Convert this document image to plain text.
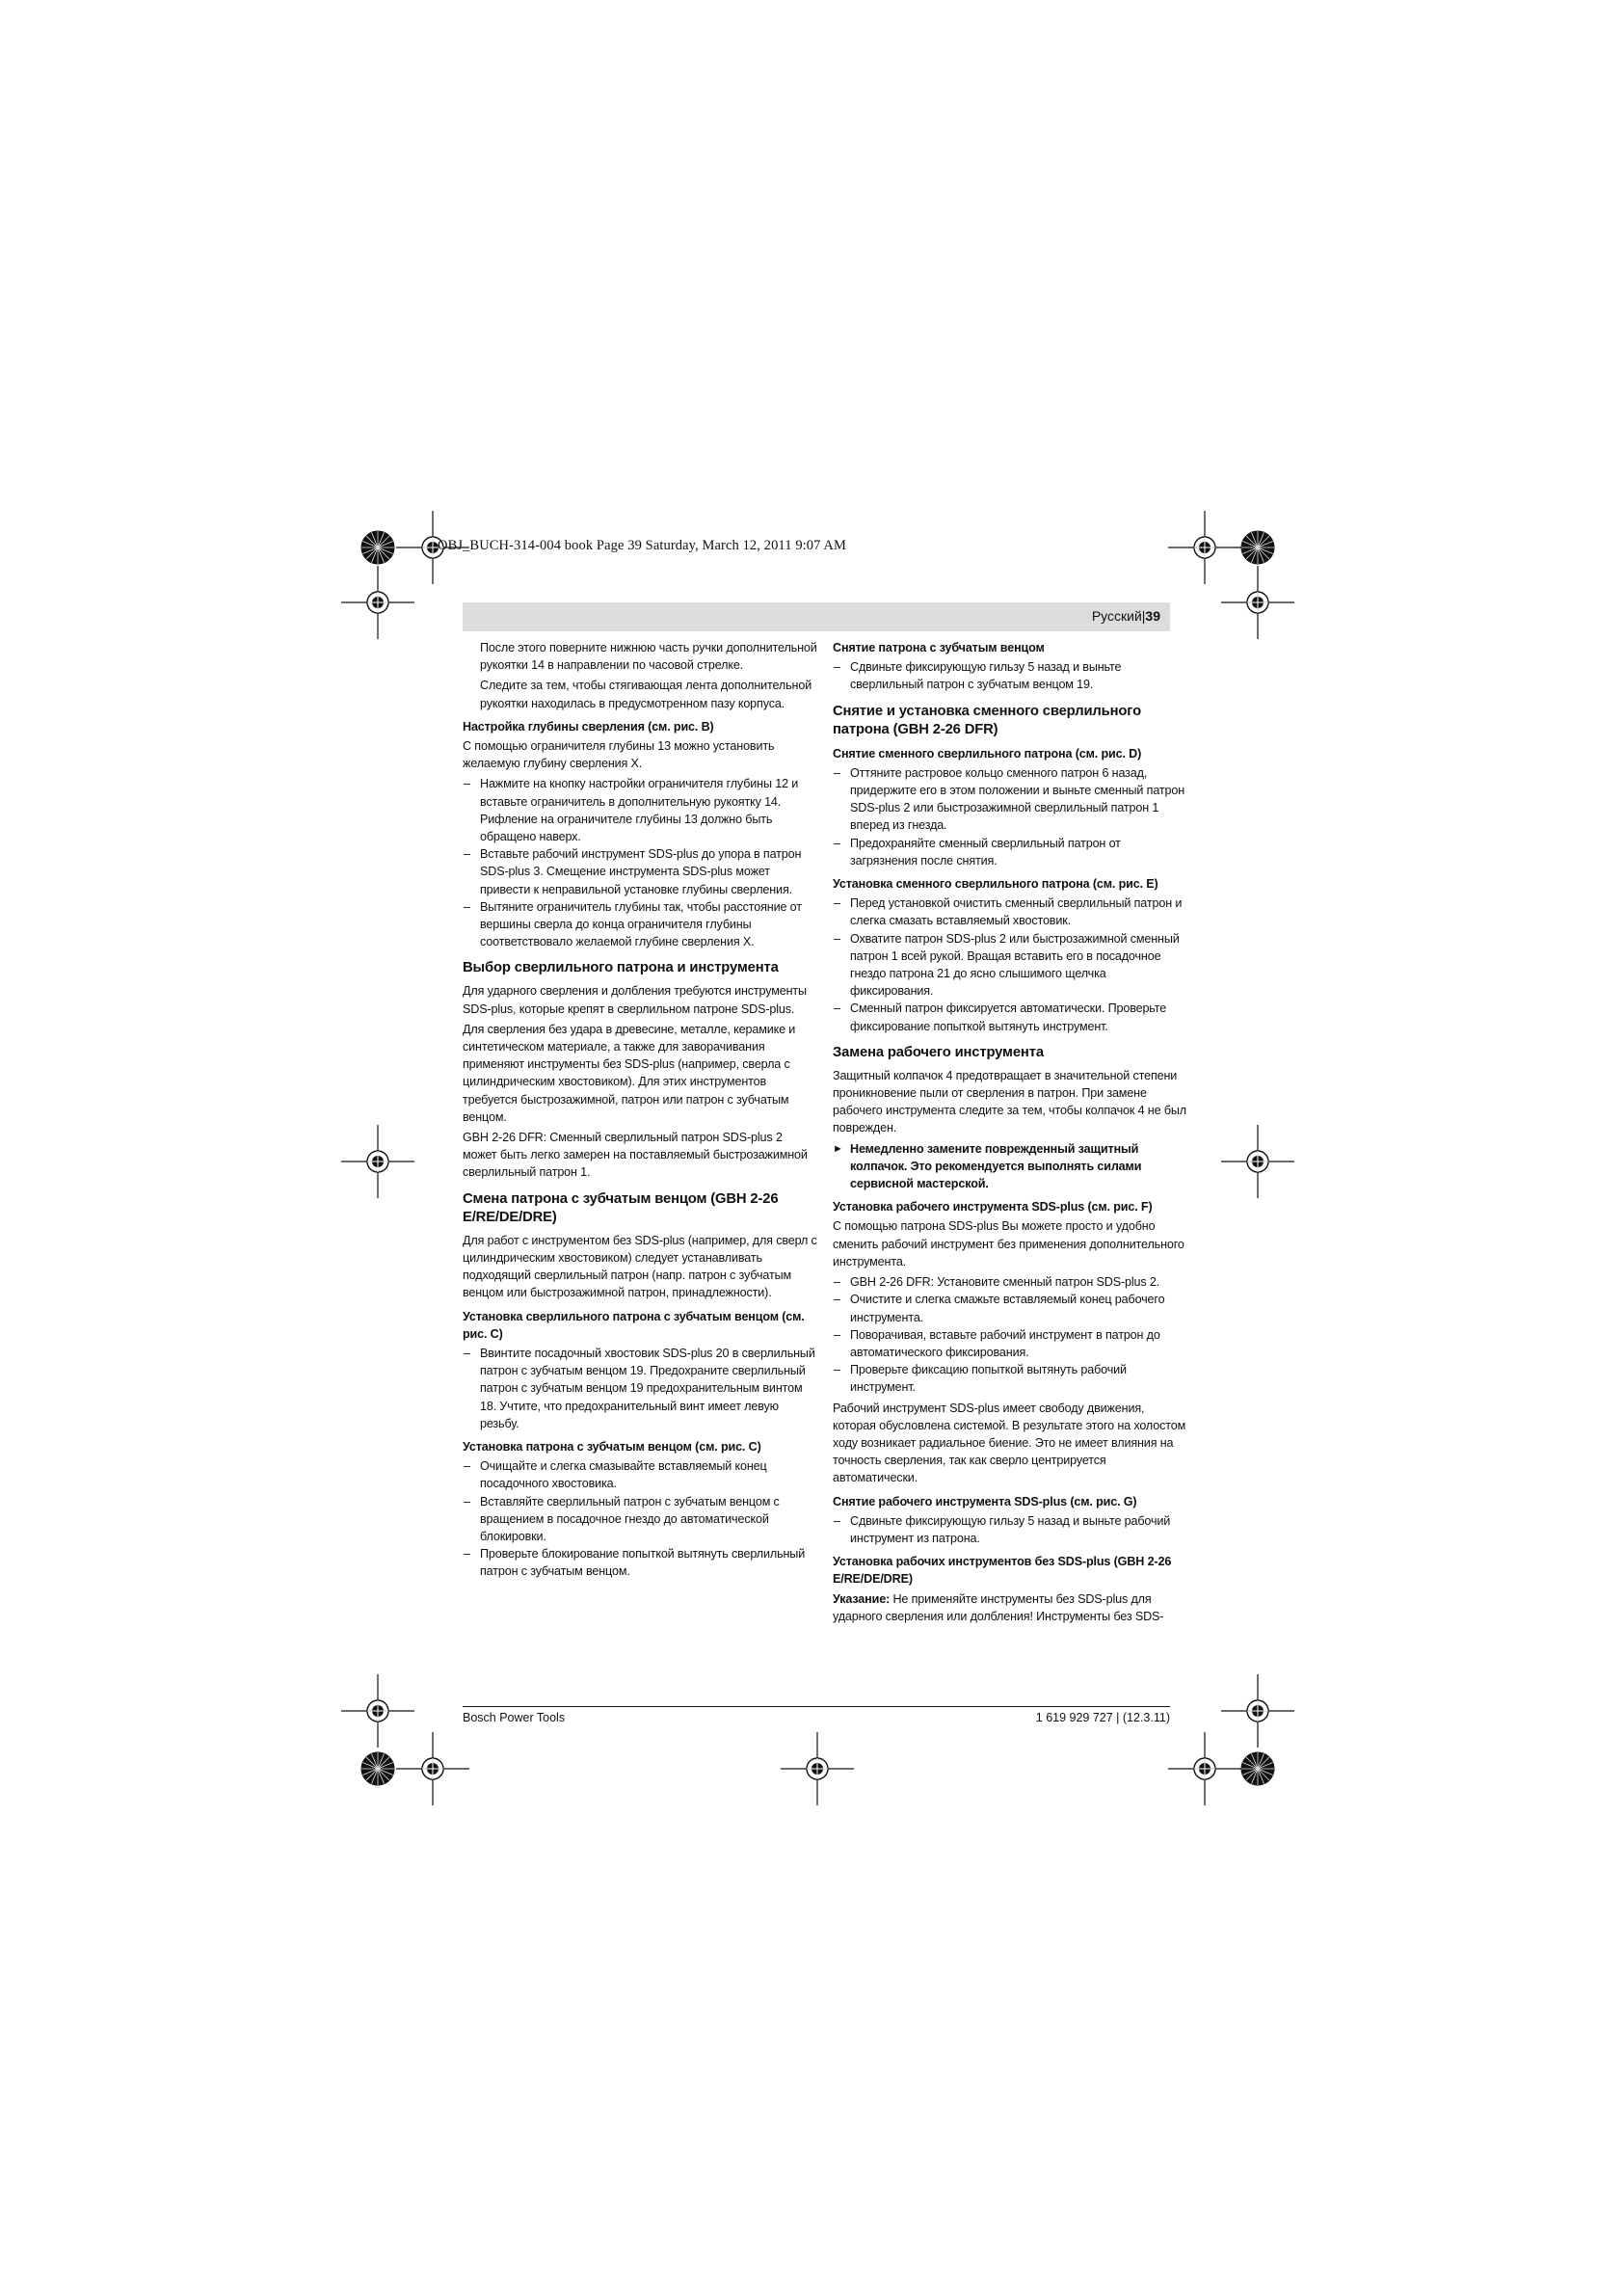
OBJ_BUCH-314-004 book Page 39 Saturday, March 12, 2011 9:07 AM
Русский|39

После этого поверните нижнюю часть ручки дополнительной рукоятки 14 в направлении по часовой стрелке.

Следите за тем, чтобы стягивающая лента дополнительной рукоятки находилась в предусмотренном пазу корпуса.

Настройка глубины сверления (см. рис. B)

С помощью ограничителя глубины 13 можно установить желаемую глубину сверления X.

– Нажмите на кнопку настройки ограничителя глубины 12 и вставьте ограничитель в дополнительную рукоятку 14. Рифление на ограничителе глубины 13 должно быть обращено наверх.
– Вставьте рабочий инструмент SDS-plus до упора в патрон SDS-plus 3. Смещение инструмента SDS-plus может привести к неправильной установке глубины сверления.
– Вытяните ограничитель глубины так, чтобы расстояние от вершины сверла до конца ограничителя глубины соответствовало желаемой глубине сверления X.
Выбор сверлильного патрона и инструмента

Для ударного сверления и долбления требуются инструменты SDS-plus, которые крепят в сверлильном патроне SDS-plus.

Для сверления без удара в древесине, металле, керамике и синтетическом материале, а также для заворачивания применяют инструменты без SDS-plus (например, сверла с цилиндрическим хвостовиком). Для этих инструментов требуется быстрозажимной, патрон или патрон с зубчатым венцом.

GBH 2-26 DFR: Сменный сверлильный патрон SDS-plus 2 может быть легко замерен на поставляемый быстрозажимной сверлильный патрон 1.

Смена патрона с зубчатым венцом (GBH 2-26 E/RE/DE/DRE)

Для работ с инструментом без SDS-plus (например, для сверл с цилиндрическим хвостовиком) следует устанавливать подходящий сверлильный патрон (напр. патрон с зубчатым венцом или быстрозажимной патрон, принадлежности).

Установка сверлильного патрона с зубчатым венцом (см. рис. C)
– Ввинтите посадочный хвостовик SDS-plus 20 в сверлильный патрон с зубчатым венцом 19. Предохраните сверлильный патрон с зубчатым венцом 19 предохранительным винтом 18. Учтите, что предохранительный винт имеет левую резьбу.
Установка патрона с зубчатым венцом (см. рис. C)
– Очищайте и слегка смазывайте вставляемый конец посадочного хвостовика.
– Вставляйте сверлильный патрон с зубчатым венцом с вращением в посадочное гнездо до автоматической блокировки.
– Проверьте блокирование попыткой вытянуть сверлильный патрон с зубчатым венцом.
Снятие патрона с зубчатым венцом
– Сдвиньте фиксирующую гильзу 5 назад и выньте сверлильный патрон с зубчатым венцом 19.
Снятие и установка сменного сверлильного патрона (GBH 2-26 DFR)
Снятие сменного сверлильного патрона (см. рис. D)
– Оттяните растровое кольцо сменного патрон 6 назад, придержите его в этом положении и выньте сменный патрон SDS-plus 2 или быстрозажимной сверлильный патрон 1 вперед из гнезда.
– Предохраняйте сменный сверлильный патрон от загрязнения после снятия.
Установка сменного сверлильного патрона (см. рис. E)
– Перед установкой очистить сменный сверлильный патрон и слегка смазать вставляемый хвостовик.
– Охватите патрон SDS-plus 2 или быстрозажимной сменный патрон 1 всей рукой. Вращая вставить его в посадочное гнездо патрона 21 до ясно слышимого щелчка фиксирования.
– Сменный патрон фиксируется автоматически. Проверьте фиксирование попыткой вытянуть инструмент.
Замена рабочего инструмента

Защитный колпачок 4 предотвращает в значительной степени проникновение пыли от сверления в патрон. При замене рабочего инструмента следите за тем, чтобы колпачок 4 не был поврежден.

► Немедленно замените поврежденный защитный колпачок. Это рекомендуется выполнять силами сервисной мастерской.
Установка рабочего инструмента SDS-plus (см. рис. F)

С помощью патрона SDS-plus Вы можете просто и удобно сменить рабочий инструмент без применения дополнительного инструмента.

– GBH 2-26 DFR: Установите сменный патрон SDS-plus 2.
– Очистите и слегка смажьте вставляемый конец рабочего инструмента.
– Поворачивая, вставьте рабочий инструмент в патрон до автоматического фиксирования.
– Проверьте фиксацию попыткой вытянуть рабочий инструмент.

Рабочий инструмент SDS-plus имеет свободу движения, которая обусловлена системой. В результате этого на холостом ходу возникает радиальное биение. Это не имеет влияния на точность сверления, так как сверло центрируется автоматически.

Снятие рабочего инструмента SDS-plus (см. рис. G)
– Сдвиньте фиксирующую гильзу 5 назад и выньте рабочий инструмент из патрона.
Установка рабочих инструментов без SDS-plus (GBH 2-26 E/RE/DE/DRE)

Указание: Не применяйте инструменты без SDS-plus для ударного сверления или долбления! Инструменты без SDS-

Bosch Power Tools	1 619 929 727 | (12.3.11)
